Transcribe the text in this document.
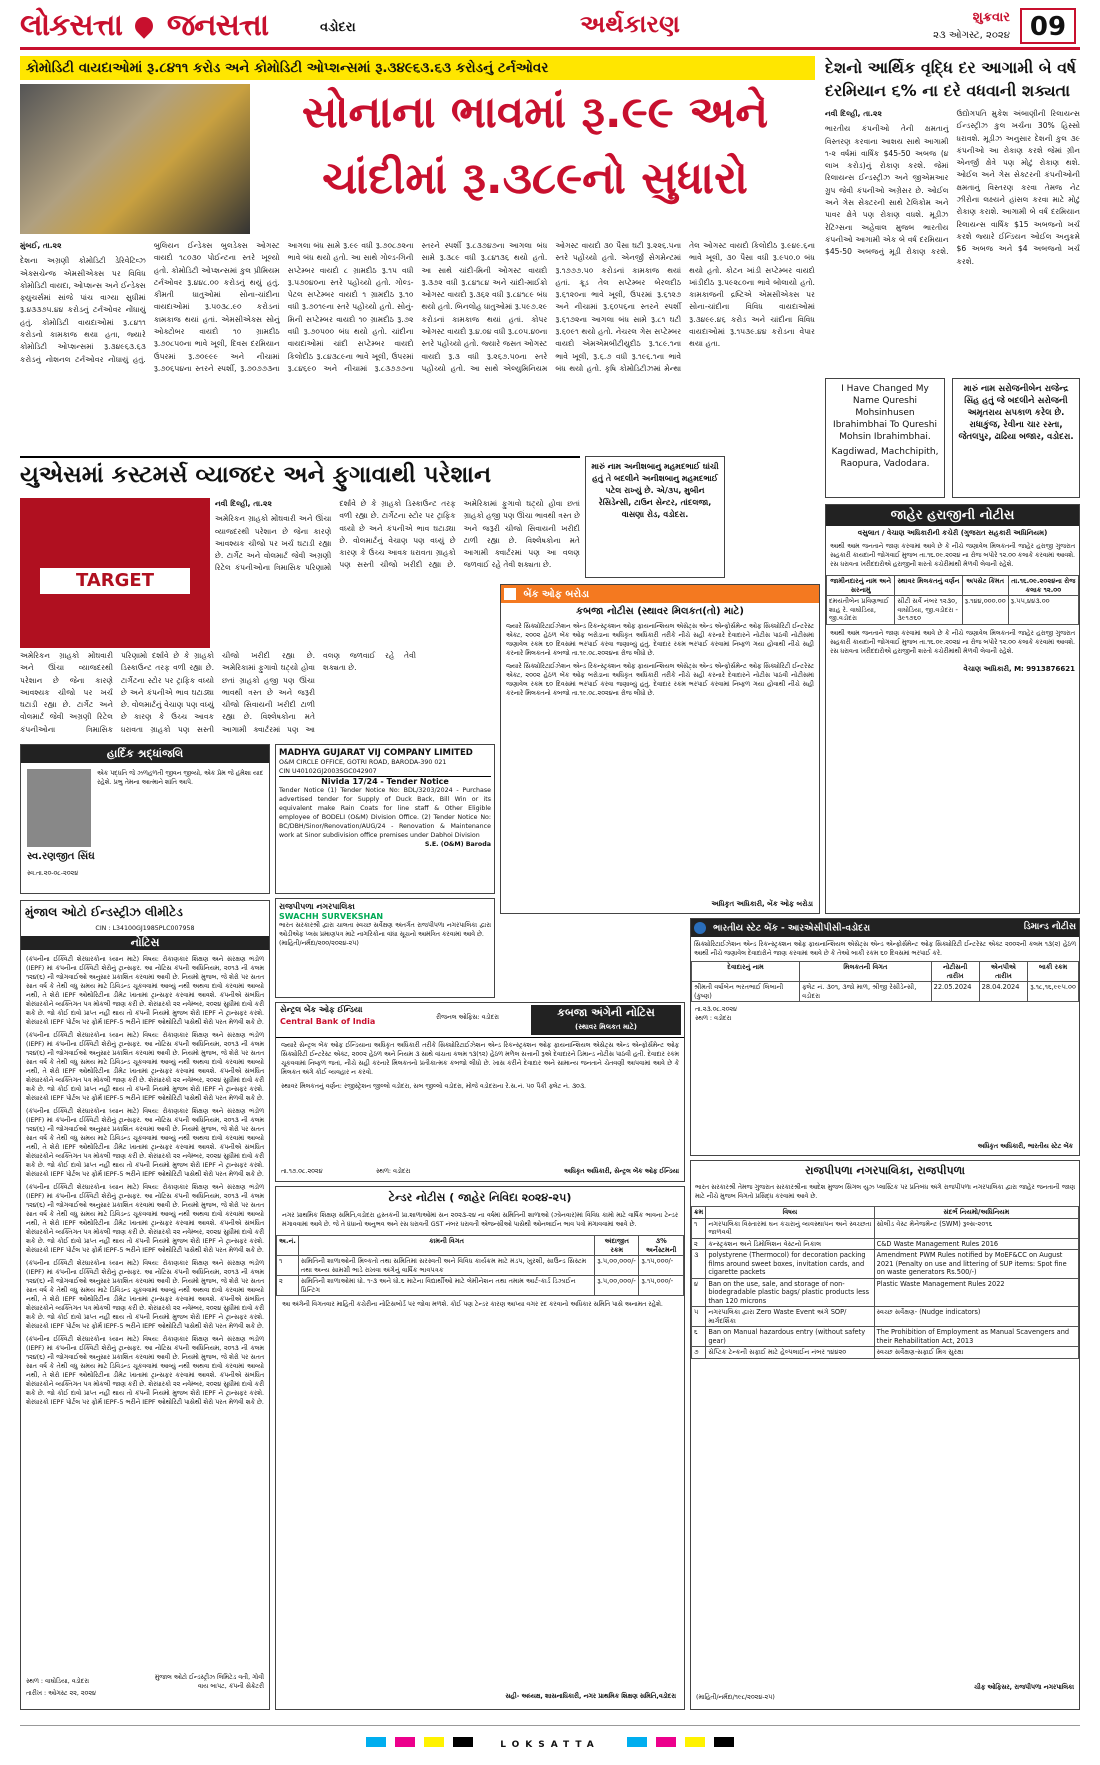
લોકસત્તા જનસત્તા	વડોદરા	અર્થકારણ	શુક્રવાર
૨૩ ઓગસ્ટ, ૨૦૨૪ 09
કોમોડિટી વાયદાઓમાં રૂ.૮૪૧૧ કરોડ અને કોમોડિટી ઓપ્શન્સમાં રૂ.૩૪૯૬૩.૬૩ કરોડનું ટર્નઓવર
સોનાના ભાવમાં રૂ.૯૯ અને
ચાંદીમાં રૂ.૩૮૯નો સુધારો

મુંબઈ, તા.૨૨

દેશના અગ્રણી કોમોડિટી ડેરિવેટિવ્ઝ એક્સચેન્જ એમસીએક્સ પર વિવિધ કોમોડિટી વાયદા, ઓપ્શન્સ અને ઈન્ડેક્સ ફ્યુચર્સમાં સાંજે પાંચ વાગ્યા સુધીમાં રૂ.૪૩૩૭૫.૪૪ કરોડનું ટર્નઓવર નોંધાયું હતું. કોમોડિટી વાયદાઓમાં રૂ.૮૪૧૧ કરોડનો કામકાજ થયા હતા, જ્યારે કોમોડિટી ઓપ્શન્સમાં રૂ.૩૪૯૬૩.૬૩ કરોડનું નોશનલ ટર્નઓવર નોંધાયું હતું. બુલિયન ઈન્ડેક્સ બુલડેક્સ ઓગસ્ટ વાયદો ૧૮૦૩૦ પોઈન્ટના સ્તરે ખૂલ્યો હતો. કોમોડિટી ઓપ્શન્સમાં કુલ પ્રીમિયમ ટર્નઓવર રૂ.૪૪૮.૦૦ કરોડનું થયું હતું. કીમતી ધાતુઓમાં સોના-ચાંદીના વાયદાઓમાં રૂ.૫૦૩૮.૯૦ કરોડનાં કામકાજ થયાં હતાં. એમસીએક્સ સોનું ઓક્ટોબર વાયદો ૧૦ ગ્રામદીઠ રૂ.૭૦૮૫૦ના ભાવે ખૂલી, દિવસ દરમિયાન ઉપરમાં રૂ.૭૦૯૯૯ અને નીચામાં રૂ.૭૦૬૫૪ના સ્તરને સ્પર્શી, રૂ.૭૦૭૭૩ના આગલા બંધ સામે રૂ.૯૯ વધી રૂ.૭૦૮૭૨ના ભાવે બંધ થયો હતો. આ સાથે ગોલ્ડ-ગિની સપ્ટેમ્બર વાયદો ૮ ગ્રામદીઠ રૂ.૧૫ વધી રૂ.૫૭૦૪૦ના સ્તરે પહોંચ્યો હતો. ગોલ્ડ-પેટલ સપ્ટેમ્બર વાયદો ૧ ગ્રામદીઠ રૂ.૧૦ વધી રૂ.૭૦૧૯ના સ્તરે પહોંચ્યો હતો. સોનું-મિની સપ્ટેમ્બર વાયદો ૧૦ ગ્રામદીઠ રૂ.૭૨ વધી રૂ.૭૦૫૦૦ બંધ થયો હતો. ચાંદીના વાયદાઓમાં ચાંદી સપ્ટેમ્બર વાયદો કિલોદીઠ રૂ.૮૪૩૮૯ના ભાવે ખૂલી, ઉપરમાં રૂ.૮૪૬૯૦ અને નીચામાં રૂ.૮૩૭૭૭ના સ્તરને સ્પર્શી રૂ.૮૩૭૪૭ના આગલા બંધ સામે રૂ.૩૮૯ વધી રૂ.૮૪૧૩૬ થયો હતો. આ સાથે ચાંદી-મિની ઓગસ્ટ વાયદો રૂ.૩૭૨ વધી રૂ.૮૪૧૮૪ અને ચાંદી-માઈક્રો ઓગસ્ટ વાયદો રૂ.૩૬૨ વધી રૂ.૮૪૧૮૯ બંધ થયો હતો. બિનલોહ ધાતુઓમાં રૂ.૫૯૭.૨૯ કરોડનાં કામકાજ થયાં હતાં. કોપર ઓગસ્ટ વાયદો રૂ.૪.૦૪ વધી રૂ.૮૦૫.૪૦ના સ્તરે પહોંચ્યો હતો. જ્યારે જસત ઓગસ્ટ વાયદો રૂ.૩ વધી રૂ.૨૬૭.૫૦ના સ્તરે પહોંચ્યો હતો. આ સાથે એલ્યુમિનિયમ ઓગસ્ટ વાયદો ૩૦ પૈસા ઘટી રૂ.૨૨૬.૫ના સ્તરે પહોંચ્યો હતો. એનર્જી સેગમેન્ટમાં રૂ.૧૭૭૭.૫૦ કરોડનાં કામકાજ થયાં હતાં. ક્રૂડ તેલ સપ્ટેમ્બર બેરલદીઠ રૂ.૬૧૨૦ના ભાવે ખૂલી, ઉપરમાં રૂ.૬૧૨૭ અને નીચામાં રૂ.૬૦૫૬ના સ્તરને સ્પર્શી રૂ.૬૧૭૨ના આગલા બંધ સામે રૂ.૮૧ ઘટી રૂ.૬૦૯૧ થયો હતો. નેચરલ ગેસ સપ્ટેમ્બર વાયદો એમએમબીટીયુદીઠ રૂ.૧૮૯.૧ના ભાવે ખૂલી, રૂ.૬.૭ વધી રૂ.૧૯૬.૧ના ભાવે બંધ થયો હતો. કૃષિ કોમોડિટીઝમાં મેન્થા તેલ ઓગસ્ટ વાયદો કિલોદીઠ રૂ.૯૪૯.૬ના ભાવે ખૂલી, ૩૦ પૈસા વધી રૂ.૯૫૦.૦ બંધ થયો હતો. કોટન ખાંડી સપ્ટેમ્બર વાયદો ખાંડીદીઠ રૂ.૫૯૨૮૦ના ભાવે બોલાયો હતો. કામકાજની દ્રષ્ટિએ એમસીએક્સ પર સોના-ચાંદીના વિવિધ વાયદાઓમાં રૂ.૩૪૯૯.૪૬ કરોડ અને ચાંદીના વિવિધ વાયદાઓમાં રૂ.૧૫૩૯.૪૪ કરોડના વેપાર થયા હતા.

દેશનો આર્થિક વૃદ્ધિ દર આગામી બે વર્ષ દરમિયાન ૬% ના દરે વધવાની શક્યતા

નવી દિલ્હી, તા.૨૨

ભારતીય કંપનીઓ તેની ક્ષમતાનું વિસ્તરણ કરવાના આશય સાથે આગામી ૧-૨ વર્ષમાં વાર્ષિક $45-50 અબજ (૪ લાખ કરોડ)નું રોકાણ કરશે. જેમાં રિલાયન્સ ઈન્ડસ્ટ્રીઝ અને જીએમઆર ગ્રુપ જેવી કંપનીઓ અગ્રેસર છે. ઓઈલ અને ગેસ સેક્ટરની સાથે ટેલિકોમ અને પાવર ક્ષેત્રે પણ રોકાણ વધશે. મૂડીઝ રેટિંગ્સના અહેવાલ મુજબ ભારતીય કંપનીઓ આગામી એક બે વર્ષ દરમિયાન $45-50 અબજનું મૂડી રોકાણ કરશે. ઉદ્યોગપતિ મુકેશ અંબાણીની રિલાયન્સ ઈન્ડસ્ટ્રીઝ કુલ ખર્ચના 30% હિસ્સો ધરાવશે. મૂડીઝ અનુસાર દેશની કુલ ૩૯ કંપનીઓ આ રોકાણ કરશે જેમાં ગ્રીન એનર્જી ક્ષેત્રે પણ મોટું રોકાણ થશે. ઓઈલ અને ગેસ સેક્ટરની કંપનીઓની ક્ષમતાનું વિસ્તરણ કરવા તેમજ નેટ ઝીરોના લક્ષ્યને હાંસલ કરવા માટે મોટું રોકાણ કરાશે. આગામી બે વર્ષ દરમિયાન રિલાયન્સ વાર્ષિક $15 અબજનો ખર્ચ કરશે જ્યારે ઈન્ડિયન ઓઈલ અનુક્રમે $6 અબજ અને $4 અબજનો ખર્ચ કરશે.

I Have Changed My Name Qureshi Mohsinhusen Ibrahimbhai To Qureshi Mohsin Ibrahimbhai.
Kagdiwad, Machchipith, Raopura, Vadodara.
મારું નામ સરોજનીબેન રાજેન્દ્ર સિંહ હતું જે બદલીને સરોજની અમૃતરાય સપકાળ કરેલ છે. રાધાકુંજ, રેવીના ચાર રસ્તા, જેતલપુર, ઢાઢિયા બજાર, વડોદરા.
યુએસમાં કસ્ટમર્સ વ્યાજદર અને ફુગાવાથી પરેશાન
TARGET

નવી દિલ્હી, તા.૨૨

અમેરિકન ગ્રાહકો મોંઘવારી અને ઊંચા વ્યાજદરથી પરેશાન છે જેના કારણે આવશ્યક ચીજો પર ખર્ચ ઘટાડી રહ્યા છે. ટાર્ગેટ અને વોલમાર્ટ જેવી અગ્રણી રિટેલ કંપનીઓના ત્રિમાસિક પરિણામો દર્શાવે છે કે ગ્રાહકો ડિસ્કાઉન્ટ તરફ વળી રહ્યા છે. ટાર્ગેટના સ્ટોર પર ટ્રાફિક વધ્યો છે અને કંપનીએ ભાવ ઘટાડ્યા છે. વોલમાર્ટનું વેચાણ પણ વધ્યું છે કારણ કે ઉચ્ચ આવક ધરાવતા ગ્રાહકો પણ સસ્તી ચીજો ખરીદી રહ્યા છે. અમેરિકામાં ફુગાવો ઘટ્યો હોવા છતાં ગ્રાહકો હજી પણ ઊંચા ભાવથી ત્રસ્ત છે અને જરૂરી ચીજો સિવાયની ખરીદી ટાળી રહ્યા છે. વિશ્લેષકોના મતે આગામી ક્વાર્ટરમાં પણ આ વલણ જળવાઈ રહે તેવી શક્યતા છે.

અમેરિકન ગ્રાહકો મોંઘવારી અને ઊંચા વ્યાજદરથી પરેશાન છે જેના કારણે આવશ્યક ચીજો પર ખર્ચ ઘટાડી રહ્યા છે. ટાર્ગેટ અને વોલમાર્ટ જેવી અગ્રણી રિટેલ કંપનીઓના ત્રિમાસિક પરિણામો દર્શાવે છે કે ગ્રાહકો ડિસ્કાઉન્ટ તરફ વળી રહ્યા છે. ટાર્ગેટના સ્ટોર પર ટ્રાફિક વધ્યો છે અને કંપનીએ ભાવ ઘટાડ્યા છે. વોલમાર્ટનું વેચાણ પણ વધ્યું છે કારણ કે ઉચ્ચ આવક ધરાવતા ગ્રાહકો પણ સસ્તી ચીજો ખરીદી રહ્યા છે. અમેરિકામાં ફુગાવો ઘટ્યો હોવા છતાં ગ્રાહકો હજી પણ ઊંચા ભાવથી ત્રસ્ત છે અને જરૂરી ચીજો સિવાયની ખરીદી ટાળી રહ્યા છે. વિશ્લેષકોના મતે આગામી ક્વાર્ટરમાં પણ આ વલણ જળવાઈ રહે તેવી શક્યતા છે.

મારું નામ અનીશબાનુ મહમદભાઈ ઘાંચી હતું તે બદલીને અનીશબાનુ મહમદભાઈ પટેલ રાખ્યું છે. એ/૩૫, મુબીન રેસિડેન્સી, ટાઉન સેન્ટર, તાંદલજા, વાસણા રોડ, વડોદરા.	જાહેર હરાજીની નોટીસ
વસુલાત / વેચાણ અધિકારીની કચેરી (ગુજરાત સહકારી અધિનિયમ)
આથી આમ જનતાને જાણ કરવામાં આવે છે કે નીચે જણાવેલ મિલકતની જાહેર હરાજી ગુજરાત સહકારી કાયદાની જોગવાઈ મુજબ તા.૧૬.૦૯.૨૦૨૪ ના રોજ બપોરે ૧૨.૦૦ કલાકે કરવામાં આવશે. રસ ધરાવતા ખરીદદારોએ હરાજીની શરતો કચેરીમાંથી મેળવી લેવાની રહેશે.
જામીનદારનું નામ અને સરનામું	સ્થાવર મિલકતનું વર્ણન	અપસેટ કિંમત	તા.૧૬.૦૯.૨૦૨૪ના રોજ કલાક ૧૨.૦૦
દમયંતીબેન પ્રવિણભાઈ શાહ રે. વાઘોડિયા, જી.વડોદરા	સીટી સર્વે નંબર ૧૨૩૦, વાઘોડિયા, જી.વડોદરા - ૩૯૧૭૬૦	રૂ.૧૪૪,૦૦૦.૦૦	રૂ.૫૫,૪૪૩.૦૦
આથી આમ જનતાને જાણ કરવામાં આવે છે કે નીચે જણાવેલ મિલકતની જાહેર હરાજી ગુજરાત સહકારી કાયદાની જોગવાઈ મુજબ તા.૧૬.૦૯.૨૦૨૪ ના રોજ બપોરે ૧૨.૦૦ કલાકે કરવામાં આવશે. રસ ધરાવતા ખરીદદારોએ હરાજીની શરતો કચેરીમાંથી મેળવી લેવાની રહેશે.
વેચાણ અધિકારી, M: 9913876621
બેંક ઓફ બરોડા
કબજા નોટીસ (સ્થાવર મિલકત(તો) માટે)
જ્યારે સિક્યોરિટાઈઝેશન એન્ડ રિકન્સ્ટ્રક્શન ઓફ ફાયનાન્શિયલ એસેટ્સ એન્ડ એન્ફોર્સમેન્ટ ઓફ સિક્યોરિટી ઈન્ટરેસ્ટ એક્ટ, ૨૦૦૨ હેઠળ બેંક ઓફ બરોડાના અધિકૃત અધિકારી તરીકે નીચે સહી કરનારે દેવાદારને નોટીસ પાઠવી નોટીસમાં જણાવેલ રકમ ૬૦ દિવસમાં ભરપાઈ કરવા જણાવ્યું હતું. દેવાદાર રકમ ભરપાઈ કરવામાં નિષ્ફળ ગયા હોવાથી નીચે સહી કરનારે મિલકતનો કબજો તા.૧૯.૦૮.૨૦૨૪ના રોજ લીધો છે.
જ્યારે સિક્યોરિટાઈઝેશન એન્ડ રિકન્સ્ટ્રક્શન ઓફ ફાયનાન્શિયલ એસેટ્સ એન્ડ એન્ફોર્સમેન્ટ ઓફ સિક્યોરિટી ઈન્ટરેસ્ટ એક્ટ, ૨૦૦૨ હેઠળ બેંક ઓફ બરોડાના અધિકૃત અધિકારી તરીકે નીચે સહી કરનારે દેવાદારને નોટીસ પાઠવી નોટીસમાં જણાવેલ રકમ ૬૦ દિવસમાં ભરપાઈ કરવા જણાવ્યું હતું. દેવાદાર રકમ ભરપાઈ કરવામાં નિષ્ફળ ગયા હોવાથી નીચે સહી કરનારે મિલકતનો કબજો તા.૧૯.૦૮.૨૦૨૪ના રોજ લીધો છે.
અધિકૃત અધિકારી, બેંક ઓફ બરોડા
હાર્દિક શ્રદ્ધાંજલિ
એક પદ્ધતિ જે ઝળહળતી જીવન જીવ્યો, એક પ્રેમ જે હંમેશા યાદ રહેશે. પ્રભુ તેમના આત્માને શાંતિ આપે.
સ્વ.રણજીત સિંઘ
સ્વ.તા.૨૦-૦૮-૨૦૨૪
MADHYA GUJARAT VIJ COMPANY LIMITED
O&M CIRCLE OFFICE, GOTRI ROAD, BARODA-390 021
CIN U40102GJ2003SGC042907
Nivida 17/24 - Tender Notice
Tender Notice (1) Tender Notice No: BDL/3203/2024 - Purchase advertised tender for Supply of Duck Back, Bill Win or its equivalent make Rain Coats for line staff & Other Eligible employee of BODELI (O&M) Division Office. (2) Tender Notice No: BC/DBH/Sinor/Renovation/AUG/24 - Renovation & Maintenance work at Sinor subdivision office premises under Dabhoi Division
S.E. (O&M) Baroda
રાજપીપળા નગરપાલિકા
SWACHH SURVEKSHAN
ભારત સરકારશ્રી દ્વારા ચાલતા સ્વચ્છ સર્વેક્ષણ અંતર્ગત રાજપીપળા નગરપાલિકા દ્વારા ઓડીએફ પ્લસ પ્રમાણપત્ર માટે નાગરિકોના વાંધા સૂચનો આમંત્રિત કરવામાં આવે છે.
(માહિતી/નર્મદા/૨૦૦/૨૦૨૪-૨૫)
ભારતીય સ્ટેટ બેંક - આરએસીપીસી-વડોદરા	ડિમાન્ડ નોટીસ
સિક્યોરિટાઈઝેશન એન્ડ રિકન્સ્ટ્રક્શન ઓફ ફાયનાન્શિયલ એસેટ્સ એન્ડ એન્ફોર્સમેન્ટ ઓફ સિક્યોરિટી ઈન્ટરેસ્ટ એક્ટ ૨૦૦૨ની કલમ ૧૩(૨) હેઠળ આથી નીચે જણાવેલ દેવાદારોને જાણ કરવામાં આવે છે કે તેઓ બાકી રકમ ૬૦ દિવસમાં ભરપાઈ કરે.
દેવાદારનું નામ	મિલકતની વિગત	નોટીસની તારીખ	એનપીએ તારીખ	બાકી રકમ
શ્રીમતી વર્ષાબેન ભરતભાઈ લિબાની (કુષ્ણ)	ફ્લેટ નં. ૩૦૧, ૩જો માળ, શ્રીજી રેસીડેન્સી, વડોદરા	22.05.2024	28.04.2024	રૂ.૧૮,૧૬,૯૯૫.૦૦
તા.૨૩.૦૮.૨૦૨૪
સ્થળ : વડોદરા
અધિકૃત અધિકારી, ભારતીય સ્ટેટ બેંક
મુંજાલ ઓટો ઈન્ડસ્ટ્રીઝ લીમીટેડ
CIN : L34100GJ1985PLC007958
નોટિસ
(કંપનીના ઈક્વિટી શેરધારકોના ધ્યાન માટે) વિષય: રોકાણકાર શિક્ષણ અને સંરક્ષણ ભંડોળ (IEPF) માં કંપનીના ઈક્વિટી શેરોનું ટ્રાન્સફર. આ નોટિસ કંપની અધિનિયમ, ૨૦૧૩ ની કલમ ૧૨૪(૬) ની જોગવાઈઓ અનુસાર પ્રકાશિત કરવામાં આવી છે. નિયમો મુજબ, જે શેરો પર સતત સાત વર્ષ કે તેથી વધુ સમય માટે ડિવિડન્ડ ચૂકવવામાં આવ્યું નથી અથવા દાવો કરવામાં આવ્યો નથી, તે શેરો IEPF ઓથોરિટીના ડીમેટ ખાતામાં ટ્રાન્સફર કરવામાં આવશે. કંપનીએ સંબંધિત શેરધારકોને વ્યક્તિગત પત્ર મોકલી જાણ કરી છે. શેરધારકો ૨૨ નવેમ્બર, ૨૦૨૪ સુધીમાં દાવો કરી શકે છે. જો કોઈ દાવો પ્રાપ્ત નહીં થાય તો કંપની નિયમો મુજબ શેરો IEPF ને ટ્રાન્સફર કરશે. શેરધારકો IEPF પોર્ટલ પર ફોર્મ IEPF-5 ભરીને IEPF ઓથોરિટી પાસેથી શેરો પરત મેળવી શકે છે.
(કંપનીના ઈક્વિટી શેરધારકોના ધ્યાન માટે) વિષય: રોકાણકાર શિક્ષણ અને સંરક્ષણ ભંડોળ (IEPF) માં કંપનીના ઈક્વિટી શેરોનું ટ્રાન્સફર. આ નોટિસ કંપની અધિનિયમ, ૨૦૧૩ ની કલમ ૧૨૪(૬) ની જોગવાઈઓ અનુસાર પ્રકાશિત કરવામાં આવી છે. નિયમો મુજબ, જે શેરો પર સતત સાત વર્ષ કે તેથી વધુ સમય માટે ડિવિડન્ડ ચૂકવવામાં આવ્યું નથી અથવા દાવો કરવામાં આવ્યો નથી, તે શેરો IEPF ઓથોરિટીના ડીમેટ ખાતામાં ટ્રાન્સફર કરવામાં આવશે. કંપનીએ સંબંધિત શેરધારકોને વ્યક્તિગત પત્ર મોકલી જાણ કરી છે. શેરધારકો ૨૨ નવેમ્બર, ૨૦૨૪ સુધીમાં દાવો કરી શકે છે. જો કોઈ દાવો પ્રાપ્ત નહીં થાય તો કંપની નિયમો મુજબ શેરો IEPF ને ટ્રાન્સફર કરશે. શેરધારકો IEPF પોર્ટલ પર ફોર્મ IEPF-5 ભરીને IEPF ઓથોરિટી પાસેથી શેરો પરત મેળવી શકે છે.
(કંપનીના ઈક્વિટી શેરધારકોના ધ્યાન માટે) વિષય: રોકાણકાર શિક્ષણ અને સંરક્ષણ ભંડોળ (IEPF) માં કંપનીના ઈક્વિટી શેરોનું ટ્રાન્સફર. આ નોટિસ કંપની અધિનિયમ, ૨૦૧૩ ની કલમ ૧૨૪(૬) ની જોગવાઈઓ અનુસાર પ્રકાશિત કરવામાં આવી છે. નિયમો મુજબ, જે શેરો પર સતત સાત વર્ષ કે તેથી વધુ સમય માટે ડિવિડન્ડ ચૂકવવામાં આવ્યું નથી અથવા દાવો કરવામાં આવ્યો નથી, તે શેરો IEPF ઓથોરિટીના ડીમેટ ખાતામાં ટ્રાન્સફર કરવામાં આવશે. કંપનીએ સંબંધિત શેરધારકોને વ્યક્તિગત પત્ર મોકલી જાણ કરી છે. શેરધારકો ૨૨ નવેમ્બર, ૨૦૨૪ સુધીમાં દાવો કરી શકે છે. જો કોઈ દાવો પ્રાપ્ત નહીં થાય તો કંપની નિયમો મુજબ શેરો IEPF ને ટ્રાન્સફર કરશે. શેરધારકો IEPF પોર્ટલ પર ફોર્મ IEPF-5 ભરીને IEPF ઓથોરિટી પાસેથી શેરો પરત મેળવી શકે છે.
(કંપનીના ઈક્વિટી શેરધારકોના ધ્યાન માટે) વિષય: રોકાણકાર શિક્ષણ અને સંરક્ષણ ભંડોળ (IEPF) માં કંપનીના ઈક્વિટી શેરોનું ટ્રાન્સફર. આ નોટિસ કંપની અધિનિયમ, ૨૦૧૩ ની કલમ ૧૨૪(૬) ની જોગવાઈઓ અનુસાર પ્રકાશિત કરવામાં આવી છે. નિયમો મુજબ, જે શેરો પર સતત સાત વર્ષ કે તેથી વધુ સમય માટે ડિવિડન્ડ ચૂકવવામાં આવ્યું નથી અથવા દાવો કરવામાં આવ્યો નથી, તે શેરો IEPF ઓથોરિટીના ડીમેટ ખાતામાં ટ્રાન્સફર કરવામાં આવશે. કંપનીએ સંબંધિત શેરધારકોને વ્યક્તિગત પત્ર મોકલી જાણ કરી છે. શેરધારકો ૨૨ નવેમ્બર, ૨૦૨૪ સુધીમાં દાવો કરી શકે છે. જો કોઈ દાવો પ્રાપ્ત નહીં થાય તો કંપની નિયમો મુજબ શેરો IEPF ને ટ્રાન્સફર કરશે. શેરધારકો IEPF પોર્ટલ પર ફોર્મ IEPF-5 ભરીને IEPF ઓથોરિટી પાસેથી શેરો પરત મેળવી શકે છે.
(કંપનીના ઈક્વિટી શેરધારકોના ધ્યાન માટે) વિષય: રોકાણકાર શિક્ષણ અને સંરક્ષણ ભંડોળ (IEPF) માં કંપનીના ઈક્વિટી શેરોનું ટ્રાન્સફર. આ નોટિસ કંપની અધિનિયમ, ૨૦૧૩ ની કલમ ૧૨૪(૬) ની જોગવાઈઓ અનુસાર પ્રકાશિત કરવામાં આવી છે. નિયમો મુજબ, જે શેરો પર સતત સાત વર્ષ કે તેથી વધુ સમય માટે ડિવિડન્ડ ચૂકવવામાં આવ્યું નથી અથવા દાવો કરવામાં આવ્યો નથી, તે શેરો IEPF ઓથોરિટીના ડીમેટ ખાતામાં ટ્રાન્સફર કરવામાં આવશે. કંપનીએ સંબંધિત શેરધારકોને વ્યક્તિગત પત્ર મોકલી જાણ કરી છે. શેરધારકો ૨૨ નવેમ્બર, ૨૦૨૪ સુધીમાં દાવો કરી શકે છે. જો કોઈ દાવો પ્રાપ્ત નહીં થાય તો કંપની નિયમો મુજબ શેરો IEPF ને ટ્રાન્સફર કરશે. શેરધારકો IEPF પોર્ટલ પર ફોર્મ IEPF-5 ભરીને IEPF ઓથોરિટી પાસેથી શેરો પરત મેળવી શકે છે.
(કંપનીના ઈક્વિટી શેરધારકોના ધ્યાન માટે) વિષય: રોકાણકાર શિક્ષણ અને સંરક્ષણ ભંડોળ (IEPF) માં કંપનીના ઈક્વિટી શેરોનું ટ્રાન્સફર. આ નોટિસ કંપની અધિનિયમ, ૨૦૧૩ ની કલમ ૧૨૪(૬) ની જોગવાઈઓ અનુસાર પ્રકાશિત કરવામાં આવી છે. નિયમો મુજબ, જે શેરો પર સતત સાત વર્ષ કે તેથી વધુ સમય માટે ડિવિડન્ડ ચૂકવવામાં આવ્યું નથી અથવા દાવો કરવામાં આવ્યો નથી, તે શેરો IEPF ઓથોરિટીના ડીમેટ ખાતામાં ટ્રાન્સફર કરવામાં આવશે. કંપનીએ સંબંધિત શેરધારકોને વ્યક્તિગત પત્ર મોકલી જાણ કરી છે. શેરધારકો ૨૨ નવેમ્બર, ૨૦૨૪ સુધીમાં દાવો કરી શકે છે. જો કોઈ દાવો પ્રાપ્ત નહીં થાય તો કંપની નિયમો મુજબ શેરો IEPF ને ટ્રાન્સફર કરશે. શેરધારકો IEPF પોર્ટલ પર ફોર્મ IEPF-5 ભરીને IEPF ઓથોરિટી પાસેથી શેરો પરત મેળવી શકે છે.
સ્થળ : વાઘોડિયા, વડોદરા
તારીખ : ઓગસ્ટ ૨૨, ૨૦૨૪
મુંજાલ ઓટો ઈન્ડસ્ટ્રીઝ લિમિટેડ વતી, ગોવી વાય બાપટ, કંપની સેક્રેટરી
સેન્ટ્રલ બેંક ઓફ ઈન્ડિયા
Central Bank of India	રીજનલ ઓફિસ: વડોદરા	કબજા અંગેની નોટિસ
(સ્થાવર મિલકત માટે)
જ્યારે સેન્ટ્રલ બેંક ઓફ ઈન્ડિયાના અધિકૃત અધિકારી તરીકે સિક્યોરિટાઈઝેશન એન્ડ રિકન્સ્ટ્રક્શન ઓફ ફાયનાન્શિયલ એસેટ્સ એન્ડ એન્ફોર્સમેન્ટ ઓફ સિક્યોરિટી ઈન્ટરેસ્ટ એક્ટ, ૨૦૦૨ હેઠળ અને નિયમ ૩ સાથે વાંચતા કલમ ૧૩(૧૨) હેઠળ મળેલ સત્તાની રૂએ દેવાદારને ડિમાન્ડ નોટીસ પાઠવી હતી. દેવાદાર રકમ ચૂકવવામાં નિષ્ફળ જતાં, નીચે સહી કરનારે મિલકતનો પ્રતીકાત્મક કબજો લીધો છે. ખાસ કરીને દેવાદાર અને સામાન્ય જનતાને ચેતવણી આપવામાં આવે છે કે મિલકત અંગે કોઈ વ્યવહાર ન કરવો.
સ્થાવર મિલકતનું વર્ણન: રજીસ્ટ્રેશન જીલ્લો વડોદરા, સબ જીલ્લો વડોદરા, મોજે વડોદરાના રે.સ.નં. ૫૦ પૈકી ફ્લેટ નં. ૩૦૩.
તા.૧૭.૦૮.૨૦૨૪	સ્થળ: વડોદરા	અધિકૃત અધિકારી, સેન્ટ્રલ બેંક ઓફ ઈન્ડિયા
ટેન્ડર નોટીસ ( જાહેર નિવિદા ૨૦૨૪-૨૫)
નગર પ્રાથમિક શિક્ષણ સમિતિ,વડોદરા હસ્તકની પ્રા.શાળાઓમાં સન ૨૦૨૩-૨૪ ના વર્ષમાં સમિતિની શાળાઓ (ઝોનવાર)માં વિવિધ કામો માટે વાર્ષિક ભાવના ટેન્ડર મંગાવવામાં આવે છે. જે તે ધંધાનો અનુભવ અને રસ ધરાવતી GST નંબર ધરાવતી એજન્સીઓ પાસેથી ઓનલાઈન ભાવ પત્રો મંગાવવામાં આવે છે.
અ.નં.	કામની વિગત	અંદાજીત રકમ	૩% અર્નેસ્ટમની
૧	સમિતિની શાળાઓની મિલ્કતો તથા સમિતિમાં સરસ્વતી અને વિવિધ કાર્યક્રમ માટે મંડપ, ખુરશી, સાઉન્ડ સિસ્ટમ તથા અન્ય સામગ્રી ભાડે રાખવા અંગેનું વાર્ષિક ભાવપત્રક	રૂ.૫,૦૦,૦૦૦/-	રૂ.૧૫,૦૦૦/-
૨	સમિતિની શાળાઓમાં ધો. ૧-૩ અને ધો.૬ માટેના વિદ્યાર્થીઓ માટે લેમીનેશન તથા તમામ આર્ટ-કાર્ડ ડિઝાઈન પ્રિન્ટિંગ	રૂ.૫,૦૦,૦૦૦/-	રૂ.૧૫,૦૦૦/-
આ અંગેની વિગતવાર માહિતી કચેરીના નોટિસબોર્ડ પર જોવા મળશે. કોઈ પણ ટેન્ડર કારણ આપ્યા વગર રદ કરવાનો અધિકાર સમિતિ પાસે અનામત રહેશે.
સહી- અધ્યક્ષ, શાસનાધિકારી, નગર પ્રાથમિક શિક્ષણ સમિતિ,વડોદરા
રાજપીપળા નગરપાલિકા, રાજપીપળા
ભારત સરકારશ્રી તેમજ ગુજરાત સરકારશ્રીના આદેશ મુજબ સિંગલ યુઝ પ્લાસ્ટિક પર પ્રતિબંધ અંગે રાજપીપળા નગરપાલિકા દ્વારા જાહેર જનતાની જાણ માટે નીચે મુજબ વિગતો પ્રસિદ્ધ કરવામાં આવે છે.
ક્રમ	વિષય	સંદર્ભ નિયમો/અધિનિયમ
૧	નગરપાલિકા વિસ્તારમાં ઘન કચરાનું વ્યવસ્થાપન અને સ્વચ્છતા જાળવવી	સોલીડ વેસ્ટ મેનેજમેન્ટ (SWM) રૂલ્સ-૨૦૧૬
૨	કન્સ્ટ્રક્શન અને ડિમોલિશન વેસ્ટનો નિકાલ	C&D Waste Management Rules 2016
૩	polystyrene (Thermocol) for decoration packing films around sweet boxes, invitation cards, and cigarette packets	Amendment PWM Rules notified by MoEF&CC on August 2021 (Penalty on use and littering of SUP items: Spot fine on waste generators Rs.500/-)
૪	Ban on the use, sale, and storage of non-biodegradable plastic bags/ plastic products less than 120 microns	Plastic Waste Management Rules 2022
૫	નગરપાલિકા દ્વારા Zero Waste Event અંગે SOP/માર્ગદર્શિકા	સ્વચ્છ સર્વેક્ષણ- (Nudge indicators)
૬	Ban on Manual hazardous entry (without safety gear)	The Prohibition of Employment as Manual Scavengers and their Rehabilitation Act, 2013
૭	સેપ્ટિક ટેન્કની સફાઈ માટે હેલ્પલાઈન નંબર ૧૪૪૨૦	સ્વચ્છ સર્વેક્ષણ-સફાઈ મિત્ર સુરક્ષા
(માહિતી/નર્મદા/૧૯૮/૨૦૨૪-૨૫)
ચીફ ઓફિસર, રાજપીપળા નગરપાલિકા
LOKSATTA
